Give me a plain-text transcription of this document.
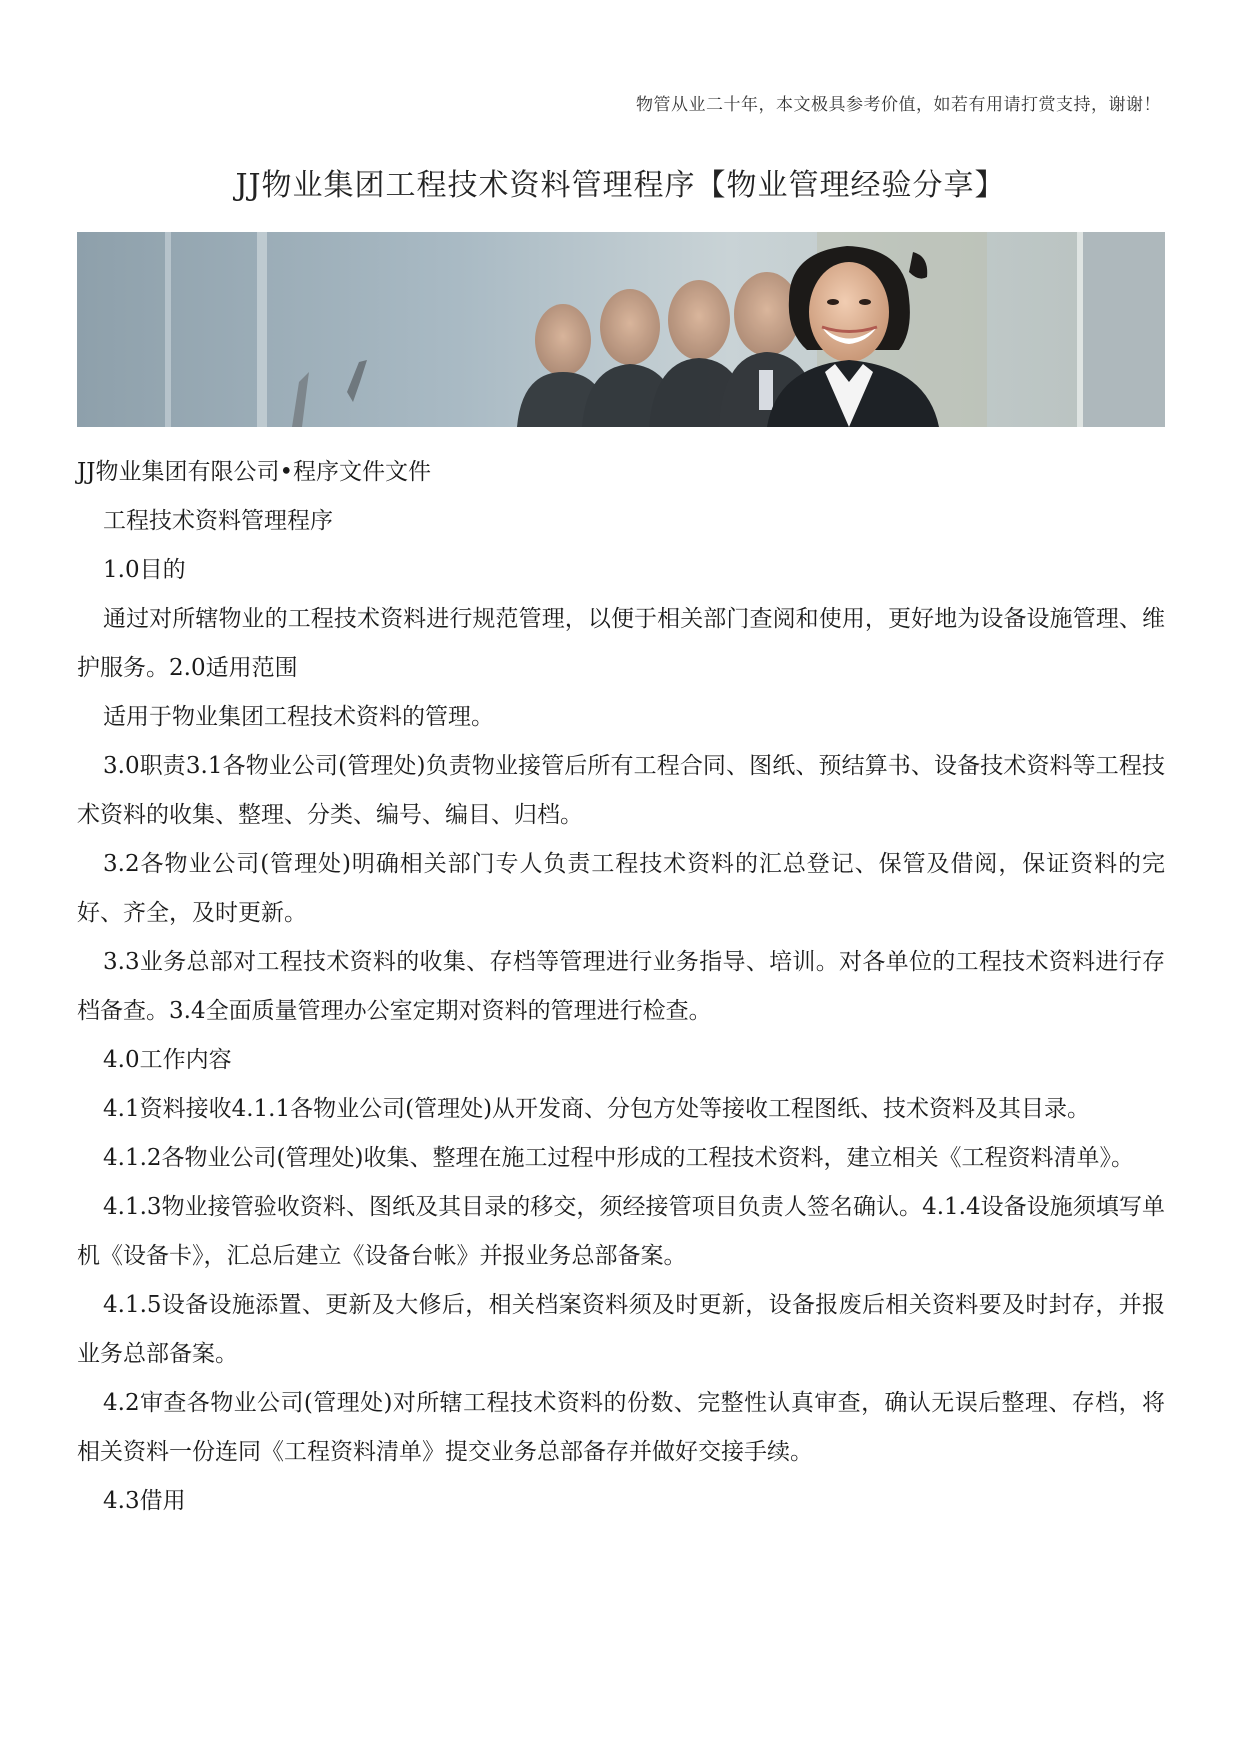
物管从业二十年，本文极具参考价值，如若有用请打赏支持，谢谢！
JJ物业集团工程技术资料管理程序【物业管理经验分享】

JJ物业集团有限公司•程序文件文件

工程技术资料管理程序

1.0目的

通过对所辖物业的工程技术资料进行规范管理，以便于相关部门查阅和使用，更好地为设备设施管理、维护服务。2.0适用范围

适用于物业集团工程技术资料的管理。

3.0职责3.1各物业公司(管理处)负责物业接管后所有工程合同、图纸、预结算书、设备技术资料等工程技术资料的收集、整理、分类、编号、编目、归档。

3.2各物业公司(管理处)明确相关部门专人负责工程技术资料的汇总登记、保管及借阅，保证资料的完好、齐全，及时更新。

3.3业务总部对工程技术资料的收集、存档等管理进行业务指导、培训。对各单位的工程技术资料进行存档备查。3.4全面质量管理办公室定期对资料的管理进行检查。

4.0工作内容

4.1资料接收4.1.1各物业公司(管理处)从开发商、分包方处等接收工程图纸、技术资料及其目录。

4.1.2各物业公司(管理处)收集、整理在施工过程中形成的工程技术资料，建立相关《工程资料清单》。

4.1.3物业接管验收资料、图纸及其目录的移交，须经接管项目负责人签名确认。4.1.4设备设施须填写单机《设备卡》，汇总后建立《设备台帐》并报业务总部备案。

4.1.5设备设施添置、更新及大修后，相关档案资料须及时更新，设备报废后相关资料要及时封存，并报业务总部备案。

4.2审查各物业公司(管理处)对所辖工程技术资料的份数、完整性认真审查，确认无误后整理、存档，将相关资料一份连同《工程资料清单》提交业务总部备存并做好交接手续。

4.3借用
